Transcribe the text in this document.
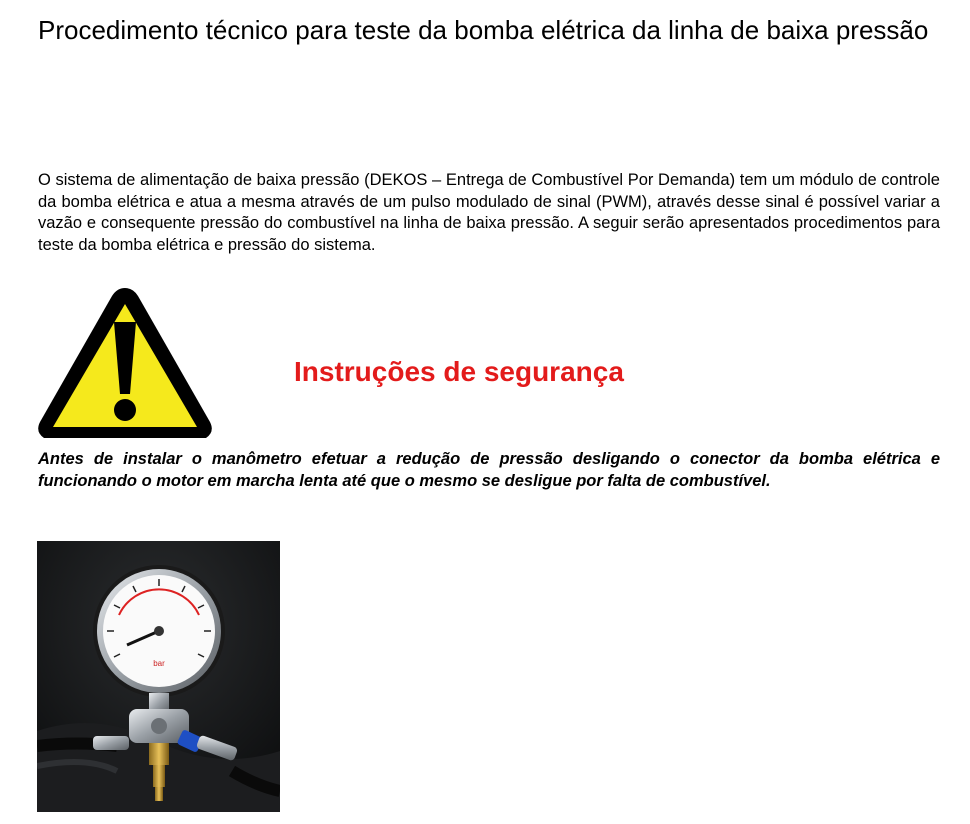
Procedimento técnico para teste da bomba elétrica da linha de baixa pressão

O sistema de alimentação de baixa pressão (DEKOS – Entrega de Combustível Por Demanda) tem um módulo de controle da bomba elétrica e atua a mesma através de um pulso modulado de sinal (PWM), através desse sinal é possível variar a vazão e consequente pressão do combustível na linha de baixa pressão. A seguir serão apresentados procedimentos para teste da bomba elétrica e pressão do sistema.

Instruções de segurança

Antes de instalar o manômetro efetuar a redução de pressão desligando o conector da bomba elétrica e funcionando o motor em marcha lenta até que o mesmo se desligue por falta de combustível.

bar
